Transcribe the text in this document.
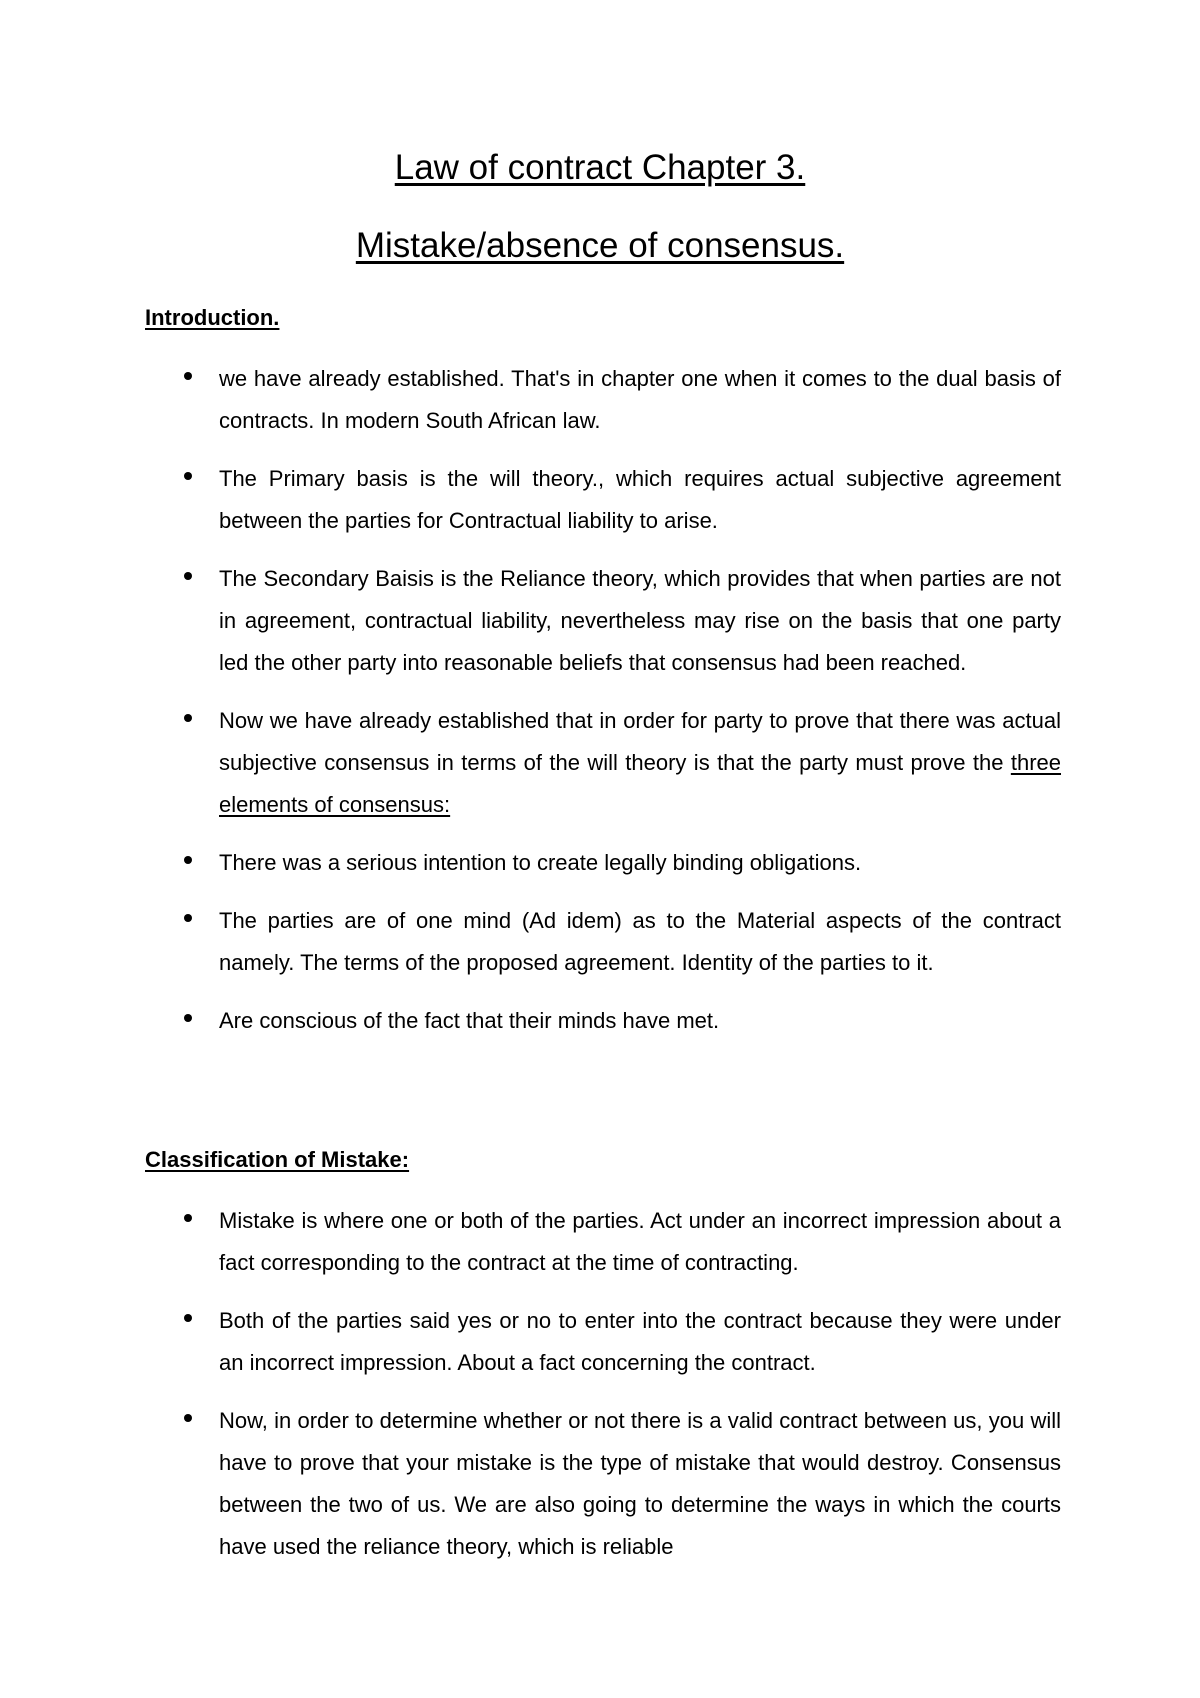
Law of contract Chapter 3.
Mistake/absence of consensus.
Introduction.
we have already established. That's in chapter one when it comes to the dual basis of contracts. In modern South African law.
The Primary basis is the will theory., which requires actual subjective agreement between the parties for Contractual liability to arise.
The Secondary Baisis is the Reliance theory, which provides that when parties are not in agreement, contractual liability, nevertheless may rise on the basis that one party led the other party into reasonable beliefs that consensus had been reached.
Now we have already established that in order for party to prove that there was actual subjective consensus in terms of the will theory is that the party must prove the three elements of consensus:
There was a serious intention to create legally binding obligations.
The parties are of one mind (Ad idem) as to the Material aspects of the contract namely. The terms of the proposed agreement. Identity of the parties to it.
Are conscious of the fact that their minds have met.
Classification of Mistake:
Mistake is where one or both of the parties. Act under an incorrect impression about a fact corresponding to the contract at the time of contracting.
Both of the parties said yes or no to enter into the contract because they were under an incorrect impression. About a fact concerning the contract.
Now, in order to determine whether or not there is a valid contract between us, you will have to prove that your mistake is the type of mistake that would destroy. Consensus between the two of us. We are also going to determine the ways in which the courts have used the reliance theory, which is reliable
